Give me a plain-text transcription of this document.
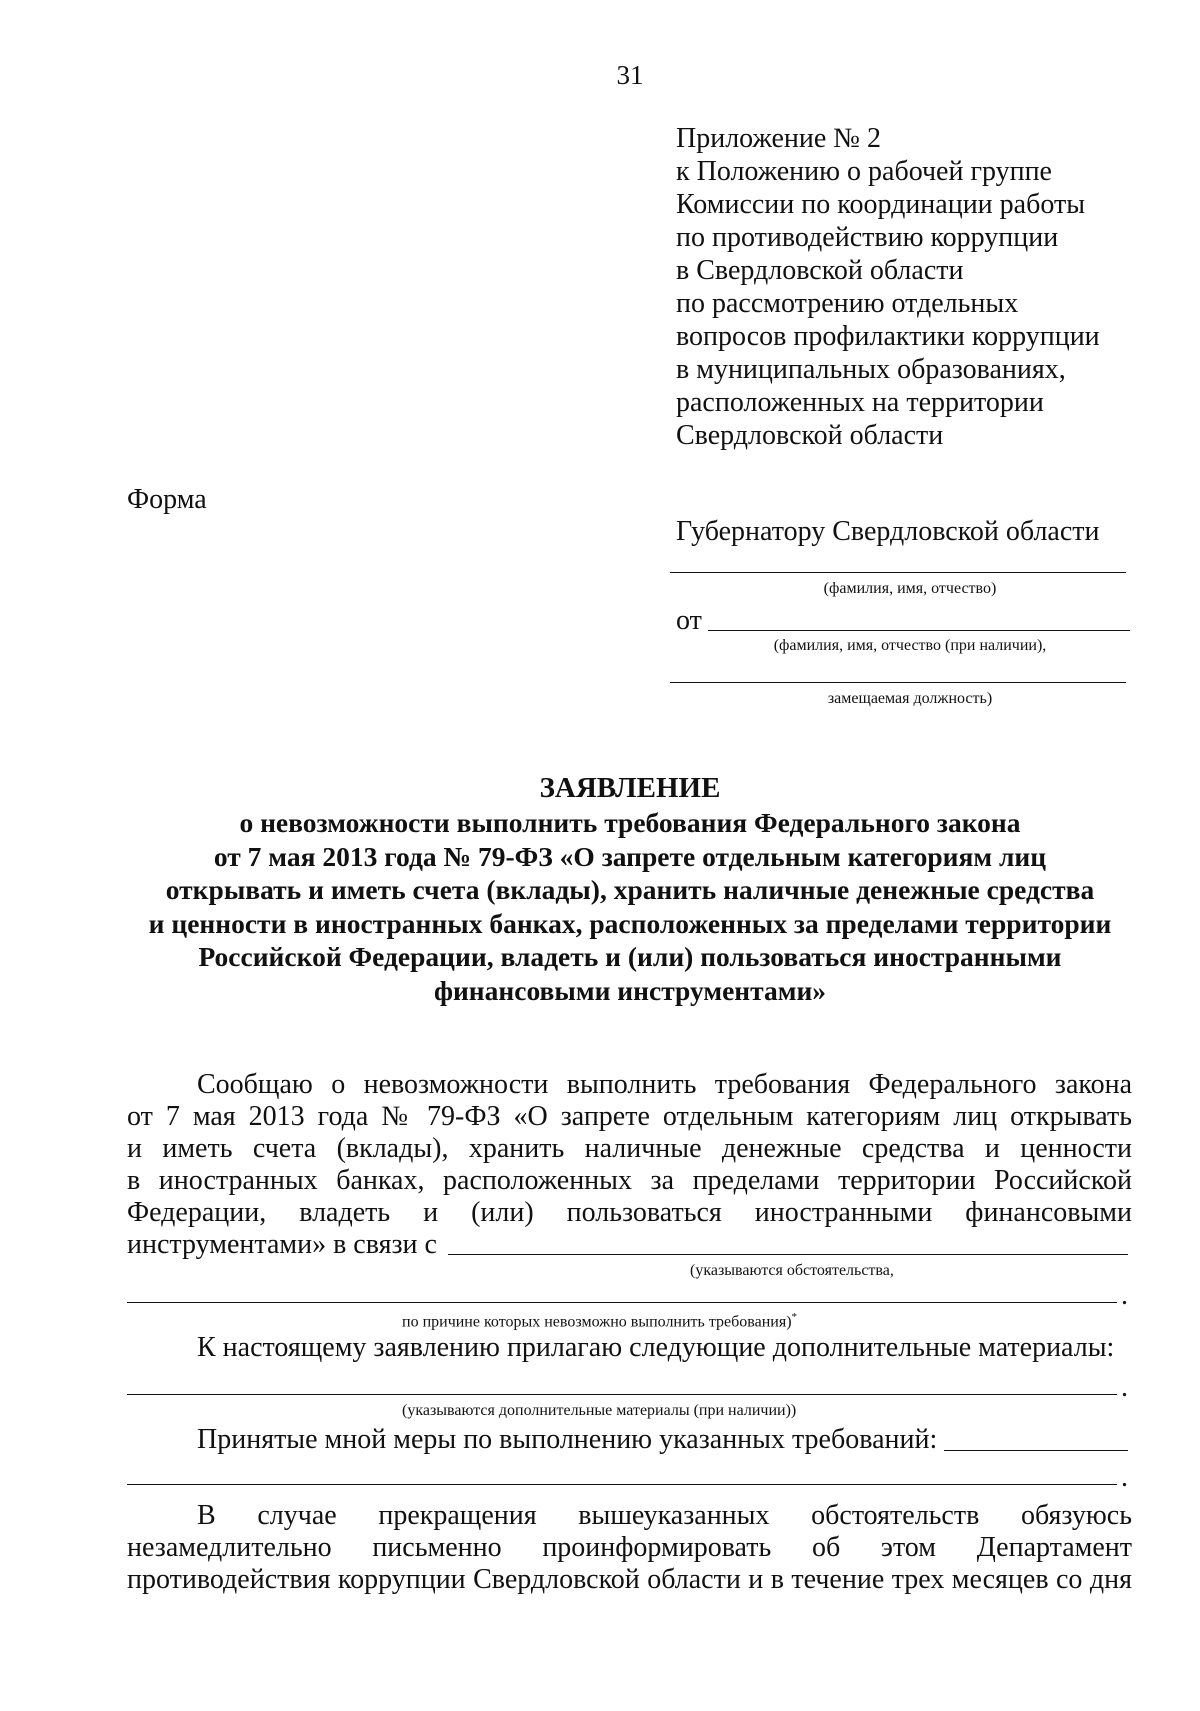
31
Приложение № 2
к Положению о рабочей группе
Комиссии по координации работы
по противодействию коррупции
в Свердловской области
по рассмотрению отдельных
вопросов профилактики коррупции
в муниципальных образованиях,
расположенных на территории
Свердловской области
Форма
Губернатору Свердловской области
(фамилия, имя, отчество)
от
(фамилия, имя, отчество (при наличии),
замещаемая должность)
ЗАЯВЛЕНИЕ
о невозможности выполнить требования Федерального закона
от 7 мая 2013 года № 79-ФЗ «О запрете отдельным категориям лиц
открывать и иметь счета (вклады), хранить наличные денежные средства
и ценности в иностранных банках, расположенных за пределами территории
Российской Федерации, владеть и (или) пользоваться иностранными
финансовыми инструментами»
Сообщаю о невозможности выполнить требования Федерального закона
от 7 мая 2013 года № 79-ФЗ «О запрете отдельным категориям лиц открывать
и иметь счета (вклады), хранить наличные денежные средства и ценности
в иностранных банках, расположенных за пределами территории Российской
Федерации, владеть и (или) пользоваться иностранными финансовыми
инструментами» в связи с
(указываются обстоятельства,
.
по причине которых невозможно выполнить требования)*
К настоящему заявлению прилагаю следующие дополнительные материалы:
.
(указываются дополнительные материалы (при наличии))
Принятые мной меры по выполнению указанных требований:
.
В случае прекращения вышеуказанных обстоятельств обязуюсь
незамедлительно письменно проинформировать об этом Департамент
противодействия коррупции Свердловской области и в течение трех месяцев со дня
